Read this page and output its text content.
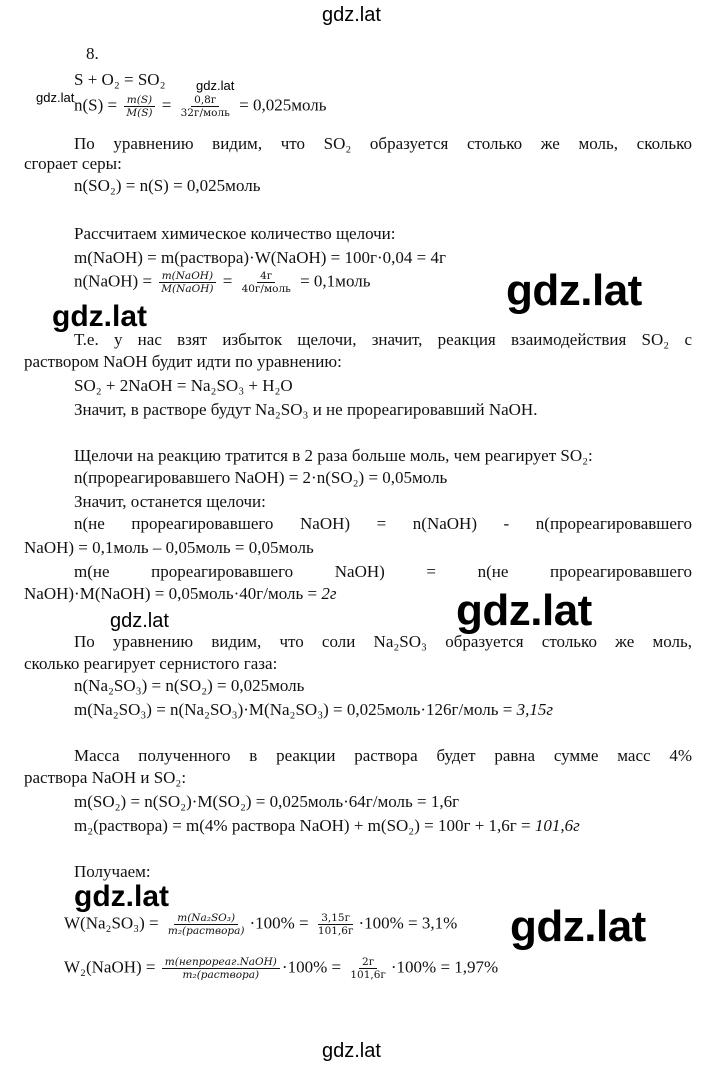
gdz.lat
gdz.lat
gdz.lat
8.
S + O₂ = SO₂
$n(S) = \frac{m(S)}{M(S)} = \frac{0,8г}{\text{32г/моль}}$ = 0,025моль
По уравнению видим, что SO₂ образуется столько же моль, сколько
сгорает серы:
n(SO₂) = n(S) = 0,025моль
Рассчитаем химическое количество щелочи:
m(NaOH) = m(раствора)·W(NaOH) = 100г·0,04 = 4г
n(NaOH) = $\frac{\text{m(NaOH)}}{\text{M(NaOH)}} = \frac{4г}{\text{40г/моль}}$ = 0,1моль	gdz.lat
gdz.lat
Т.е. у нас взят избыток щелочи, значит, реакция взаимодействия SO₂ с
раствором NaOH будит идти по уравнению:
SO₂ + 2NaOH = Na₂SO₃ + H₂O
Значит, в растворе будут Na₂SO₃ и не прореагировавший NaOH.
Щелочи на реакцию тратится в 2 раза больше моль, чем реагирует SO₂:
n(прореагировавшего NaOH) = 2·n(SO₂) = 0,05моль
Значит, останется щелочи:
n(не прореагировавшего NaOH) = n(NaOH) - n(прореагировавшего
NaOH) = 0,1моль – 0,05моль = 0,05моль
m(не прореагировавшего NaOH) = n(не прореагировавшего
NaOH)·M(NaOH) = 0,05моль·40г/моль = 2г
gdz.lat	gdz.lat
По уравнению видим, что соли Na₂SO₃ образуется столько же моль,
сколько реагирует сернистого газа:
n(Na₂SO₃) = n(SO₂) = 0,025моль
m(Na₂SO₃) = n(Na₂SO₃)·M(Na₂SO₃) = 0,025моль·126г/моль = 3,15г
Масса полученного в реакции раствора будет равна сумме масс 4%
раствора NaOH и SO₂:
m(SO₂) = n(SO₂)·M(SO₂) = 0,025моль·64г/моль = 1,6г
m₂(раствора) = m(4% раствора NaOH) + m(SO₂) = 100г + 1,6г = 101,6г
Получаем:
gdz.lat
$W(Na_2SO_3) = \frac{\text{m(Na₂SO₃)}}{\text{m₂(раствора)}} \cdot 100\% = \frac{3,15г}{101,6г} \cdot 100\% = 3,1\%$ gdz.lat
W₂(NaOH) = $\frac{\text{m(непрореаг.NaOH)}}{\text{m₂(раствора)}} \cdot 100\% = \frac{2г}{101,6г} \cdot 100\% = 1,97\%$
gdz.lat
